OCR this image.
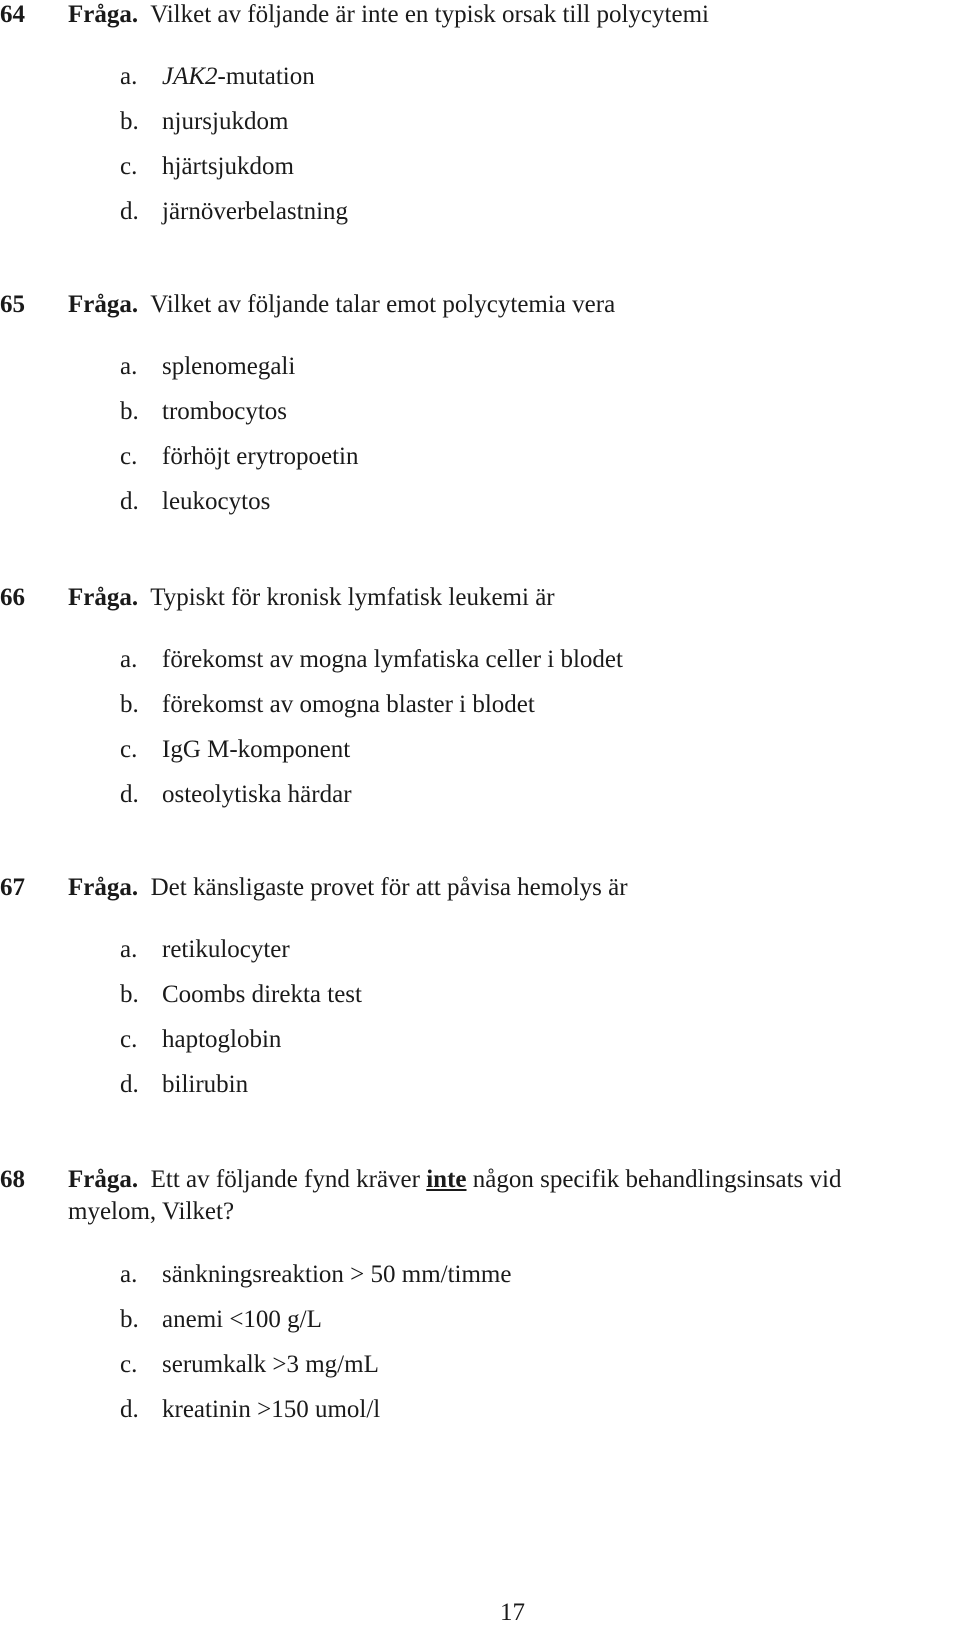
64 Fråga. Vilket av följande är inte en typisk orsak till polycytemi
a. JAK2-mutation
b. njursjukdom
c. hjärtsjukdom
d. järnöverbelastning
65 Fråga. Vilket av följande talar emot polycytemia vera
a. splenomegali
b. trombocytos
c. förhöjt erytropoetin
d. leukocytos
66 Fråga. Typiskt för kronisk lymfatisk leukemi är
a. förekomst av mogna lymfatiska celler i blodet
b. förekomst av omogna blaster i blodet
c. IgG M-komponent
d. osteolytiska härdar
67 Fråga. Det känsligaste provet för att påvisa hemolys är
a. retikulocyter
b. Coombs direkta test
c. haptoglobin
d. bilirubin
68 Fråga. Ett av följande fynd kräver inte någon specifik behandlingsinsats vid
myelom, Vilket?
a. sänkningsreaktion > 50 mm/timme
b. anemi <100 g/L
c. serumkalk >3 mg/mL
d. kreatinin >150 umol/l
17
